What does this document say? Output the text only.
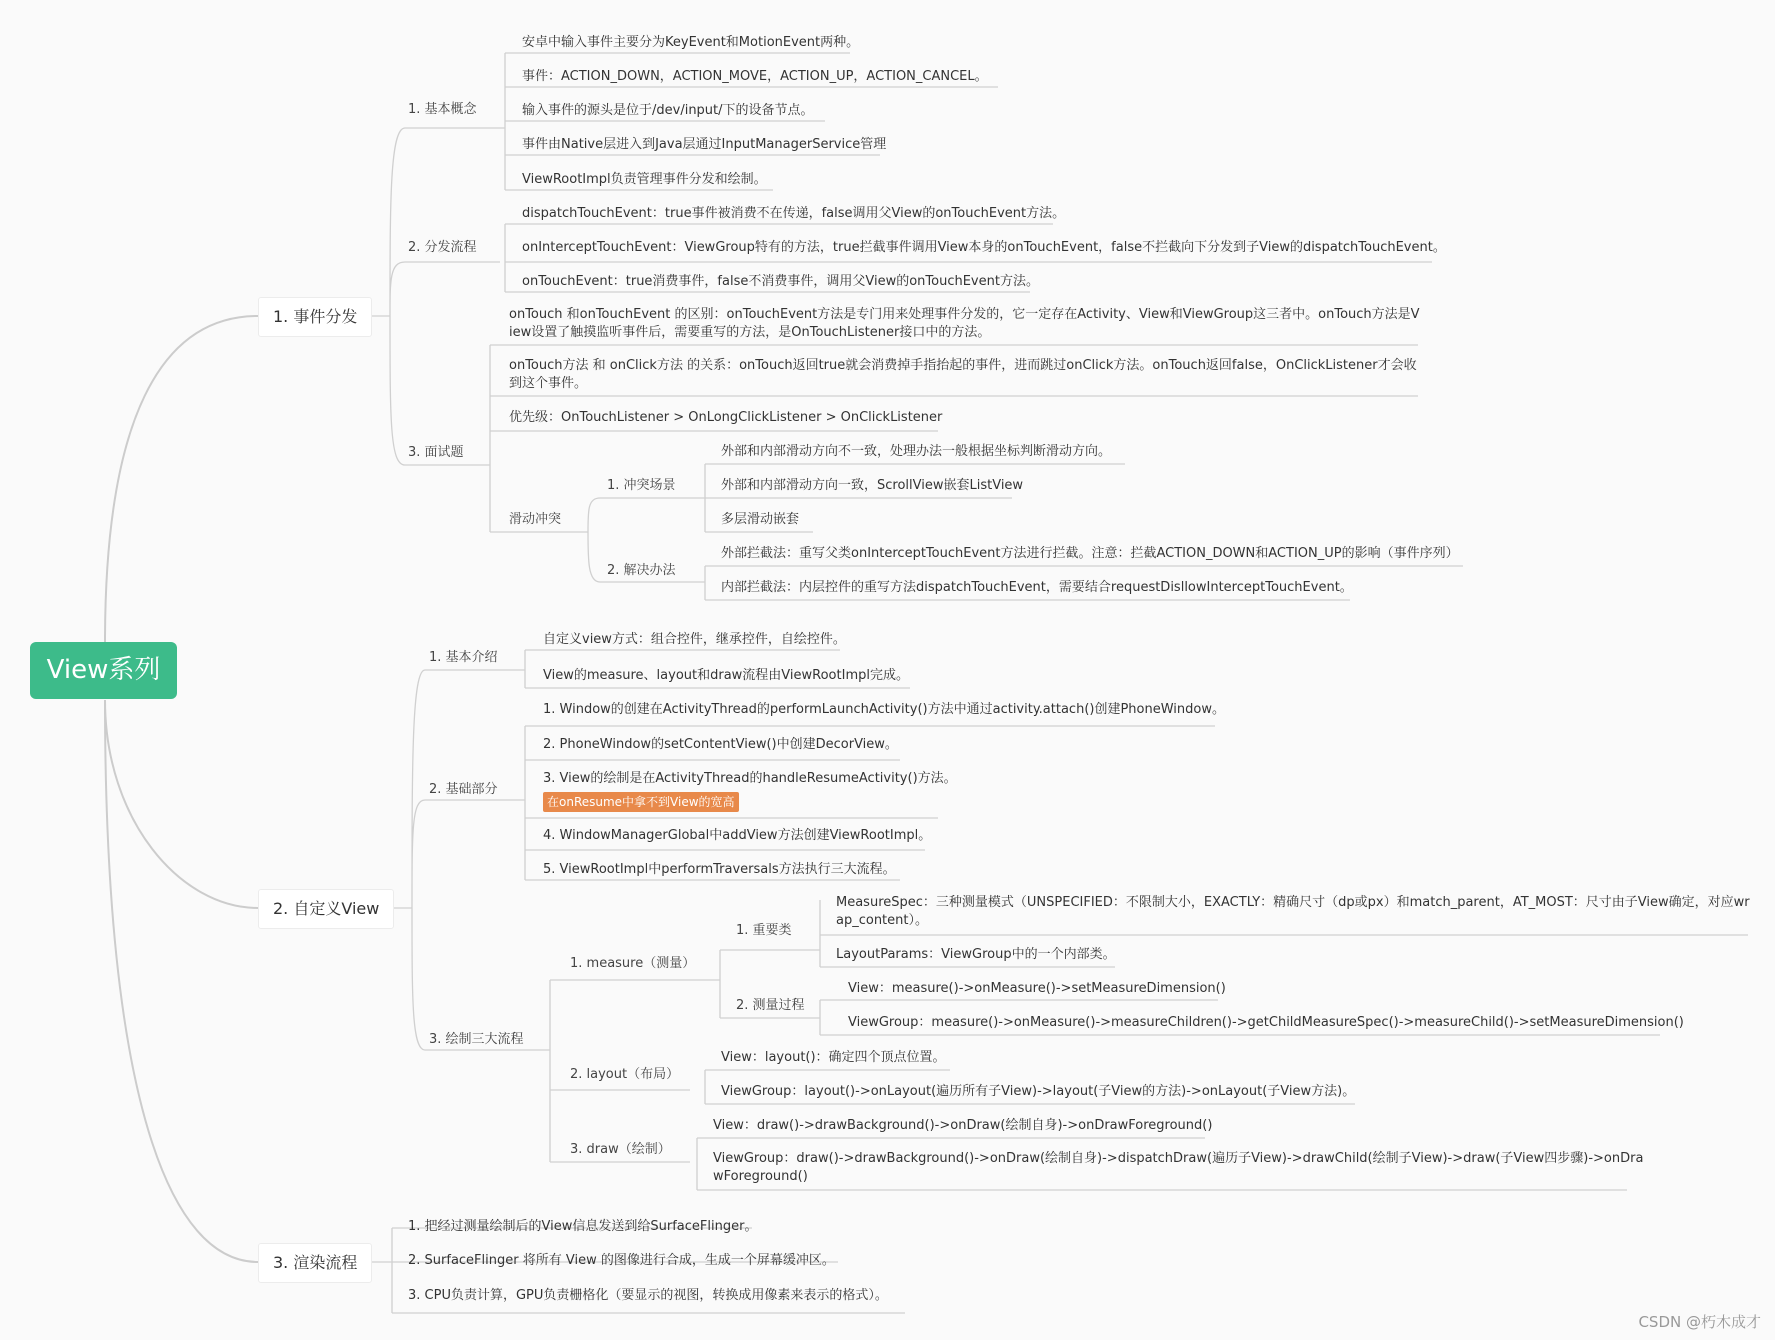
View系列
1. 事件分发
2. 自定义View
3. 渲染流程
1. 基本概念
安卓中输入事件主要分为KeyEvent和MotionEvent两种。
事件：ACTION_DOWN，ACTION_MOVE，ACTION_UP，ACTION_CANCEL。
输入事件的源头是位于/dev/input/下的设备节点。
事件由Native层进入到Java层通过InputManagerService管理
ViewRootImpl负责管理事件分发和绘制。
2. 分发流程
dispatchTouchEvent：true事件被消费不在传递，false调用父View的onTouchEvent方法。
onInterceptTouchEvent：ViewGroup特有的方法，true拦截事件调用View本身的onTouchEvent，false不拦截向下分发到子View的dispatchTouchEvent。
onTouchEvent：true消费事件，false不消费事件，调用父View的onTouchEvent方法。
3. 面试题
onTouch 和onTouchEvent 的区别：onTouchEvent方法是专门用来处理事件分发的，它一定存在Activity、View和ViewGroup这三者中。onTouch方法是V
iew设置了触摸监听事件后，需要重写的方法，是OnTouchListener接口中的方法。
onTouch方法 和 onClick方法 的关系：onTouch返回true就会消费掉手指抬起的事件，进而跳过onClick方法。onTouch返回false，OnClickListener才会收
到这个事件。
优先级：OnTouchListener > OnLongClickListener > OnClickListener
滑动冲突
1. 冲突场景
外部和内部滑动方向不一致，处理办法一般根据坐标判断滑动方向。
外部和内部滑动方向一致，ScrollView嵌套ListView
多层滑动嵌套
2. 解决办法
外部拦截法：重写父类onInterceptTouchEvent方法进行拦截。注意：拦截ACTION_DOWN和ACTION_UP的影响（事件序列）
内部拦截法：内层控件的重写方法dispatchTouchEvent，需要结合requestDisllowInterceptTouchEvent。
1. 基本介绍
自定义view方式：组合控件，继承控件，自绘控件。
View的measure、layout和draw流程由ViewRootImpl完成。
2. 基础部分
1. Window的创建在ActivityThread的performLaunchActivity()方法中通过activity.attach()创建PhoneWindow。
2. PhoneWindow的setContentView()中创建DecorView。
3. View的绘制是在ActivityThread的handleResumeActivity()方法。
在onResume中拿不到View的宽高
4. WindowManagerGlobal中addView方法创建ViewRootImpl。
5. ViewRootImpl中performTraversals方法执行三大流程。
3. 绘制三大流程
1. measure（测量）
1. 重要类
MeasureSpec：三种测量模式（UNSPECIFIED：不限制大小，EXACTLY：精确尺寸（dp或px）和match_parent，AT_MOST：尺寸由子View确定，对应wr
ap_content）。
LayoutParams：ViewGroup中的一个内部类。
2. 测量过程
View：measure()->onMeasure()->setMeasureDimension()
ViewGroup：measure()->onMeasure()->measureChildren()->getChildMeasureSpec()->measureChild()->setMeasureDimension()
2. layout（布局）
View：layout()：确定四个顶点位置。
ViewGroup：layout()->onLayout(遍历所有子View)->layout(子View的方法)->onLayout(子View方法)。
3. draw（绘制）
View：draw()->drawBackground()->onDraw(绘制自身)->onDrawForeground()
ViewGroup：draw()->drawBackground()->onDraw(绘制自身)->dispatchDraw(遍历子View)->drawChild(绘制子View)->draw(子View四步骤)->onDra
wForeground()
1. 把经过测量绘制后的View信息发送到给SurfaceFlinger。
2. SurfaceFlinger 将所有 View 的图像进行合成，生成一个屏幕缓冲区。
3. CPU负责计算，GPU负责栅格化（要显示的视图，转换成用像素来表示的格式）。
CSDN @朽木成才
